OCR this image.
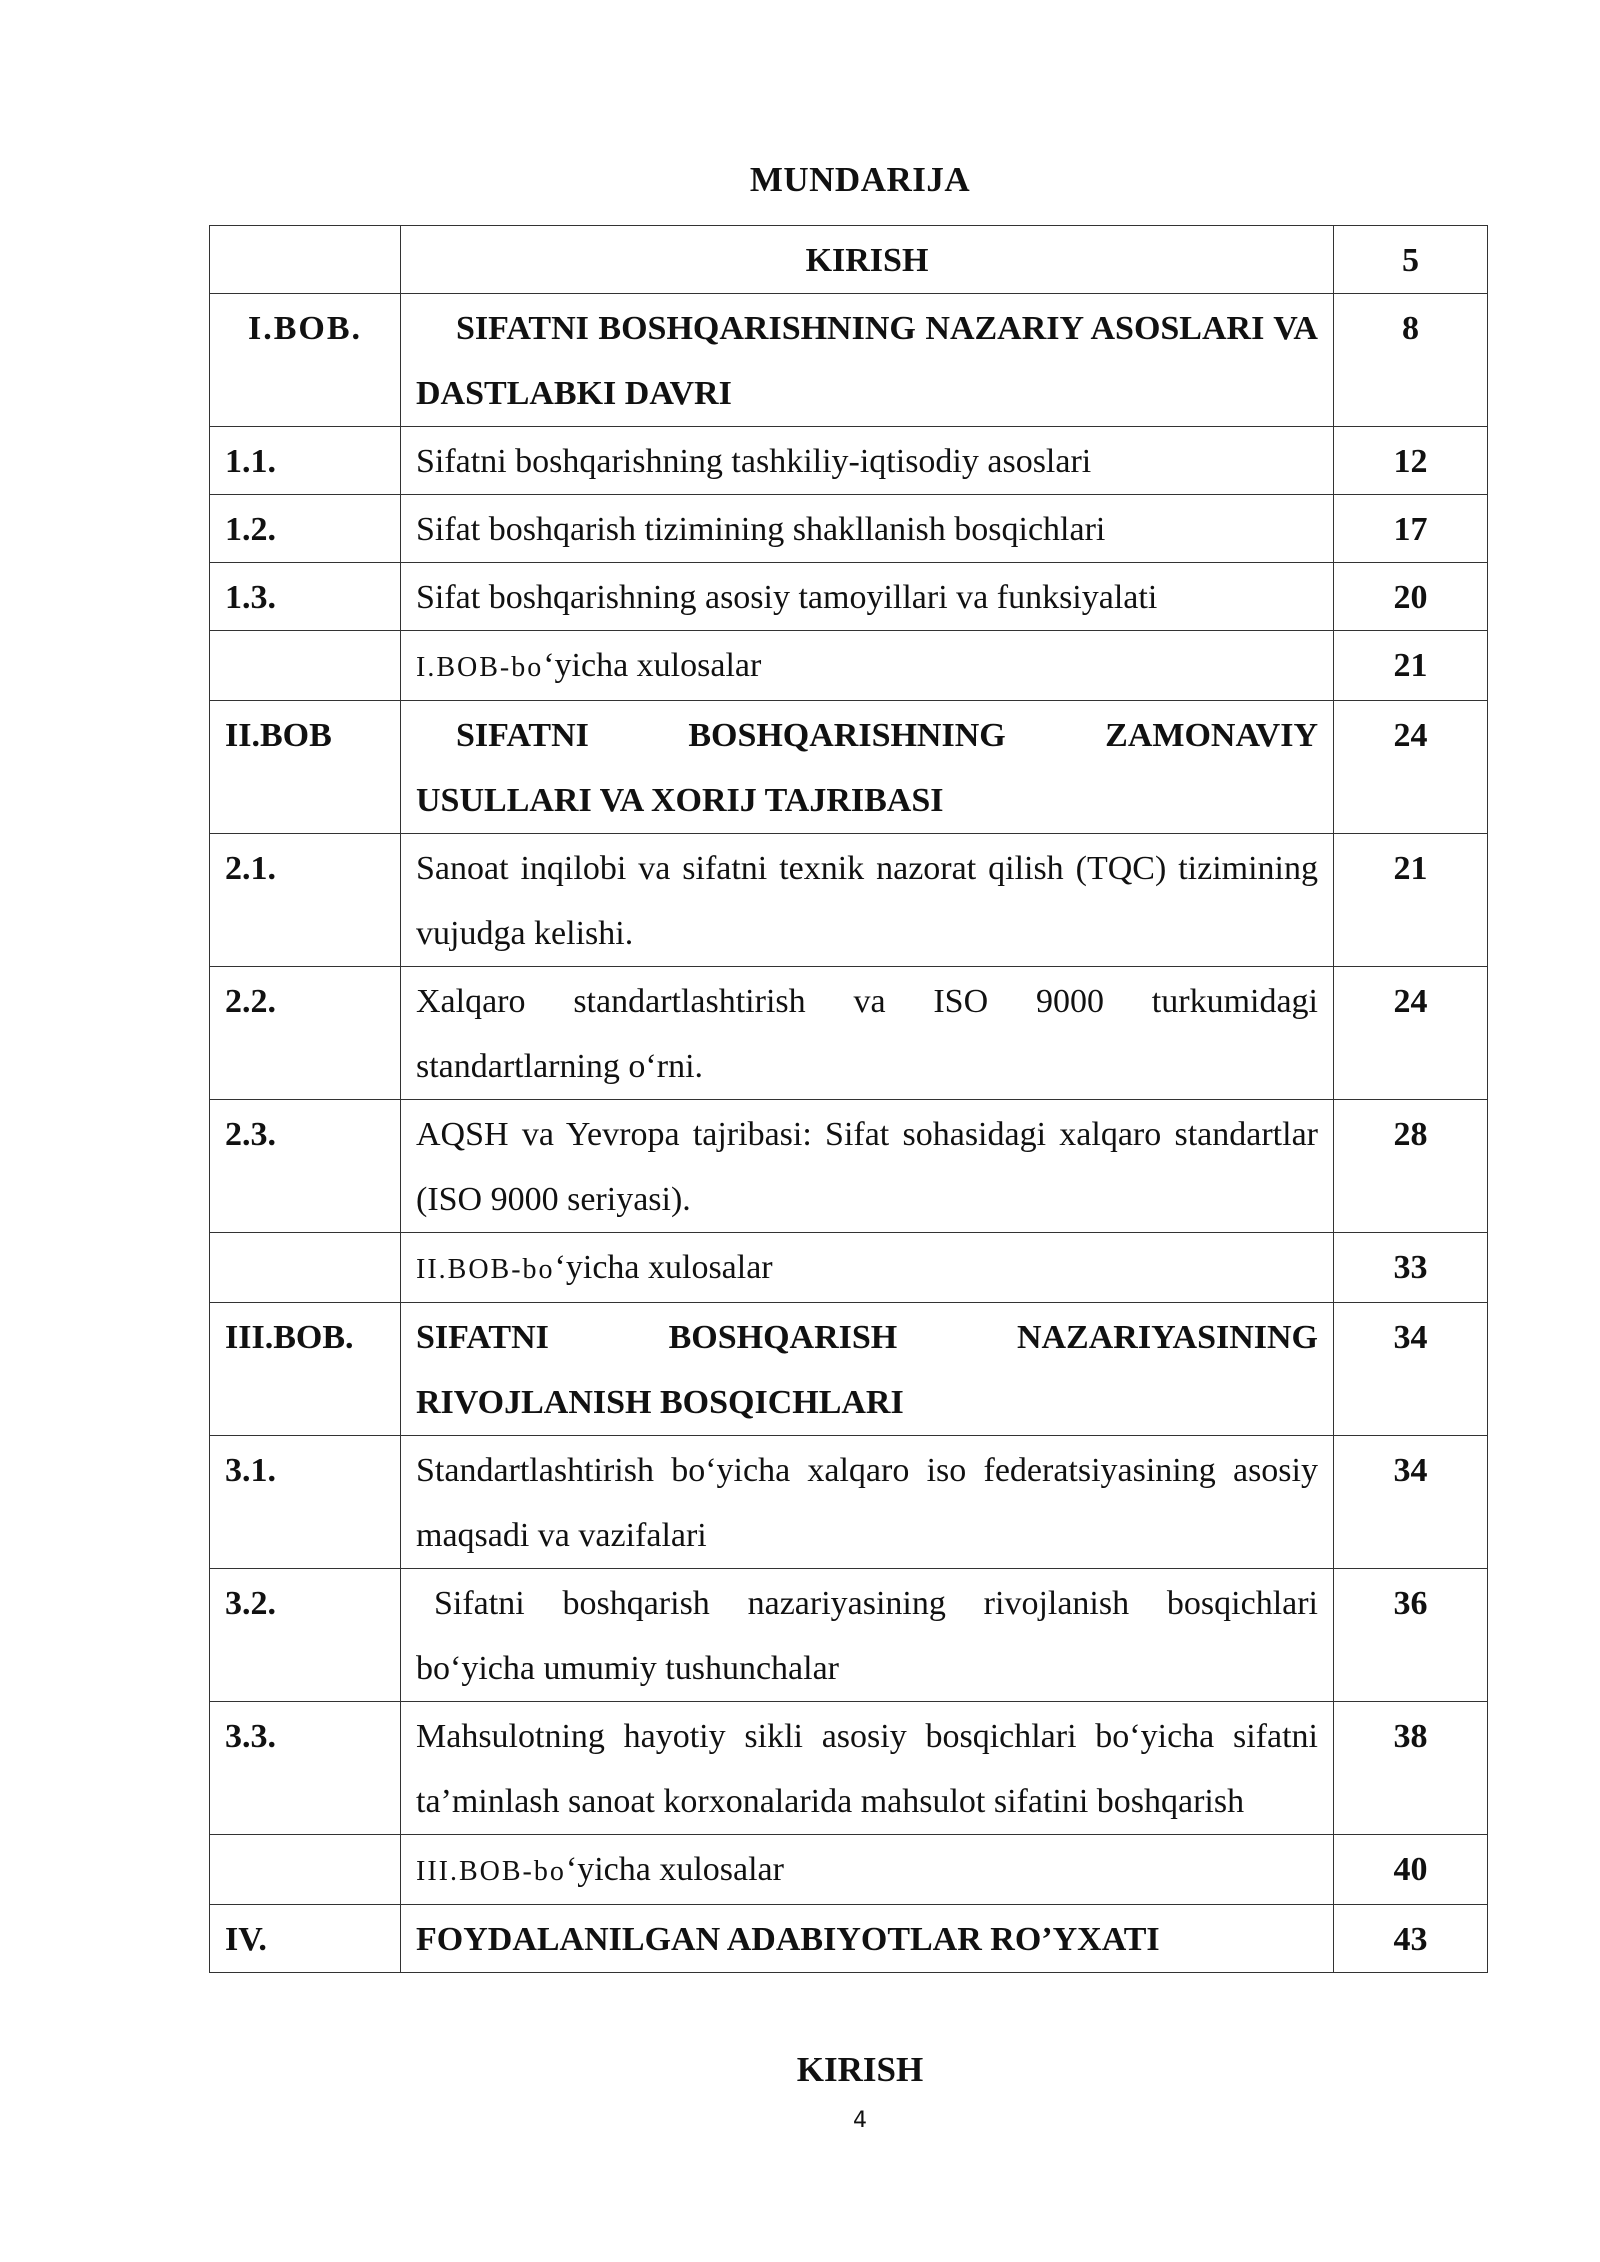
MUNDARIJA
	KIRISH	5
I.BOB.	SIFATNI BOSHQARISHNING NAZARIY ASOSLARI VA DASTLABKI DAVRI	8
1.1.	Sifatni boshqarishning tashkiliy-iqtisodiy asoslari	12
1.2.	Sifat boshqarish tizimining shakllanish bosqichlari	17
1.3.	Sifat boshqarishning asosiy tamoyillari va funksiyalati	20
	I.BOB-bo‘yicha xulosalar	21
II.BOB	SIFATNI BOSHQARISHNING ZAMONAVIY USULLARI VA XORIJ TAJRIBASI	24
2.1.	Sanoat inqilobi va sifatni texnik nazorat qilish (TQC) tizimining vujudga kelishi.	21
2.2.	Xalqaro standartlashtirish va ISO 9000 turkumidagi standartlarning o‘rni.	24
2.3.	AQSH va Yevropa tajribasi: Sifat sohasidagi xalqaro standartlar (ISO 9000 seriyasi).	28
	II.BOB-bo‘yicha xulosalar	33
III.BOB.	SIFATNI BOSHQARISH NAZARIYASINING RIVOJLANISH BOSQICHLARI	34
3.1.	Standartlashtirish bo‘yicha xalqaro iso federatsiyasining asosiy maqsadi va vazifalari	34
3.2.	Sifatni boshqarish nazariyasining rivojlanish bosqichlari bo‘yicha umumiy tushunchalar	36
3.3.	Mahsulotning hayotiy sikli asosiy bosqichlari bo‘yicha sifatni ta’minlash sanoat korxonalarida mahsulot sifatini boshqarish	38
	III.BOB-bo‘yicha xulosalar	40
IV.	FOYDALANILGAN ADABIYOTLAR RO’YXATI	43
KIRISH
4
